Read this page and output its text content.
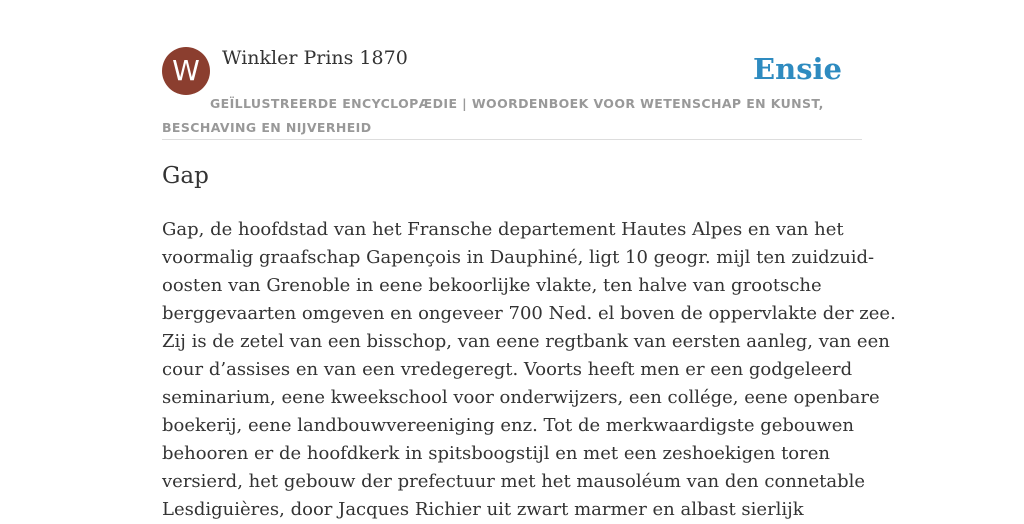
W	Winkler Prins 1870	Ensie
GEÏLLUSTREERDE ENCYCLOPÆDIE | WOORDENBOEK VOOR WETENSCHAP EN KUNST, BESCHAVING EN NIJVERHEID
Gap
Gap, de hoofdstad van het Fransche departement Hautes Alpes en van het
voormalig graafschap Gapençois in Dauphiné, ligt 10 geogr. mijl ten zuidzuid-
oosten van Grenoble in eene bekoorlijke vlakte, ten halve van grootsche
berggevaarten omgeven en ongeveer 700 Ned. el boven de oppervlakte der zee.
Zij is de zetel van een bisschop, van eene regtbank van eersten aanleg, van een
cour d’assises en van een vredegeregt. Voorts heeft men er een godgeleerd
seminarium, eene kweekschool voor onderwijzers, een collége, eene openbare
boekerij, eene landbouwvereeniging enz. Tot de merkwaardigste gebouwen
behooren er de hoofdkerk in spitsboogstijl en met een zeshoekigen toren
versierd, het gebouw der prefectuur met het mausoléum van den connetable
Lesdiguières, door Jacques Richier uit zwart marmer en albast sierlijk
